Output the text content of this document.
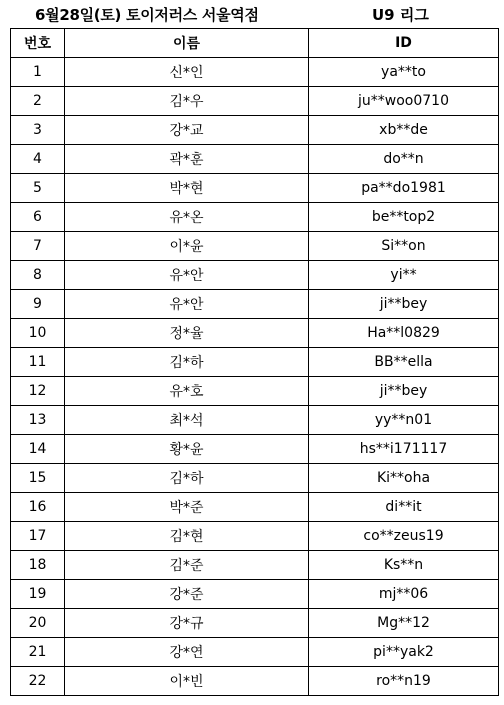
6월28일(토) 토이저러스 서울역점	U9 리그
번호	이름	ID
1	신*인	ya**to
2	김*우	ju**woo0710
3	강*교	xb**de
4	곽*훈	do**n
5	박*현	pa**do1981
6	유*온	be**top2
7	이*윤	Si**on
8	유*안	yi**
9	유*안	ji**bey
10	정*율	Ha**l0829
11	김*하	BB**ella
12	유*호	ji**bey
13	최*석	yy**n01
14	황*윤	hs**i171117
15	김*하	Ki**oha
16	박*준	di**it
17	김*현	co**zeus19
18	김*준	Ks**n
19	강*준	mj**06
20	강*규	Mg**12
21	강*연	pi**yak2
22	이*빈	ro**n19
